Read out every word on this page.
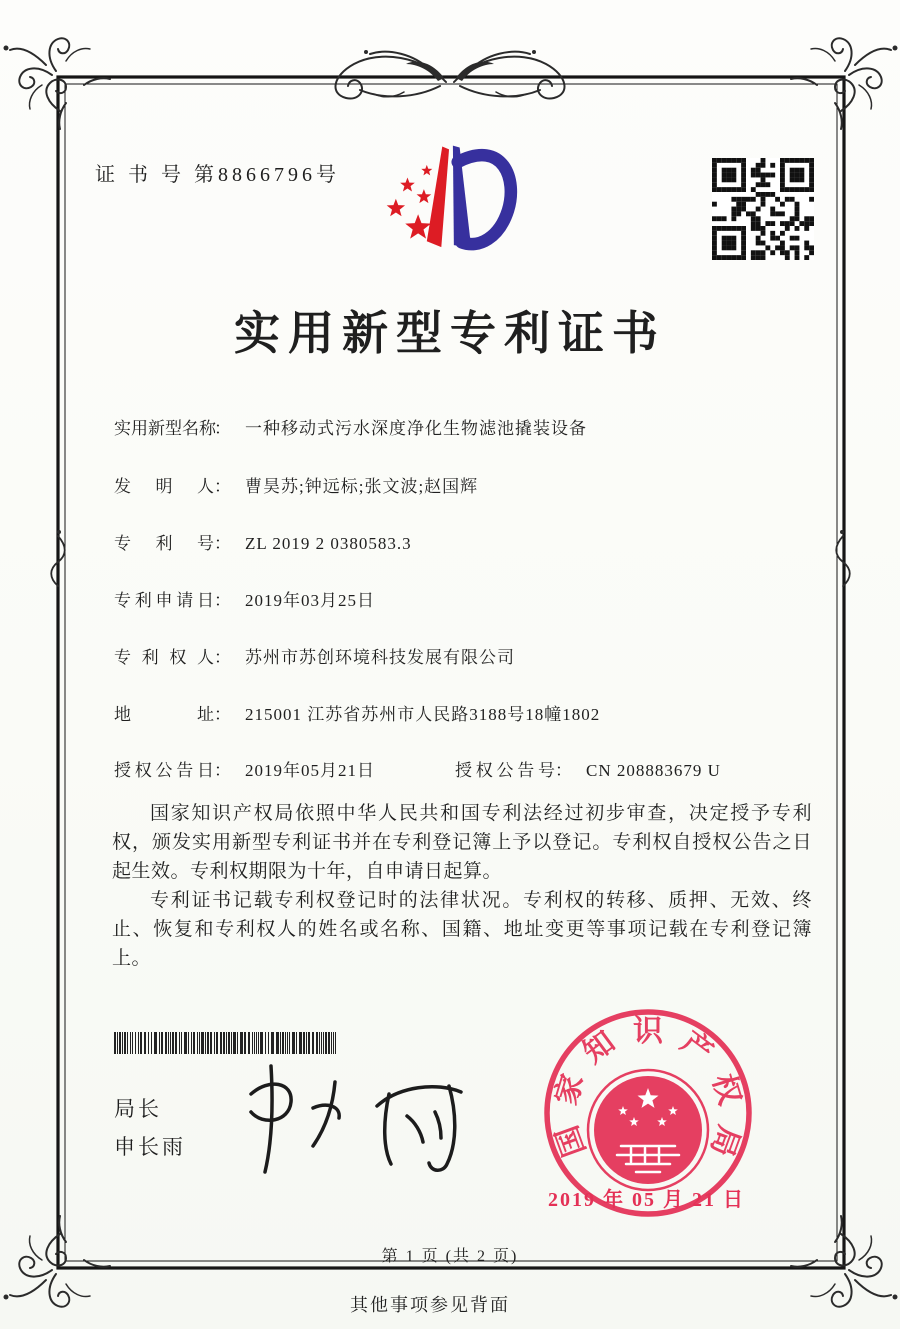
证 书 号 第8866796号
实用新型专利证书
实用新型名称： 一种移动式污水深度净化生物滤池撬装设备
发明人： 曹昊苏;钟远标;张文波;赵国辉
专利号： ZL 2019 2 0380583.3
专利申请日： 2019年03月25日
专利权人： 苏州市苏创环境科技发展有限公司
地址： 215001 江苏省苏州市人民路3188号18幢1802
授权公告日： 2019年05月21日	授权公告号： CN 208883679 U

国家知识产权局依照中华人民共和国专利法经过初步审查，决定授予专利权，颁发实用新型专利证书并在专利登记簿上予以登记。专利权自授权公告之日起生效。专利权期限为十年，自申请日起算。

专利证书记载专利权登记时的法律状况。专利权的转移、质押、无效、终止、恢复和专利权人的姓名或名称、国籍、地址变更等事项记载在专利登记簿上。

局长
申长雨	国
家
知 识 产
权
局
2019 年 05 月 21 日
第 1 页 (共 2 页)
其他事项参见背面
